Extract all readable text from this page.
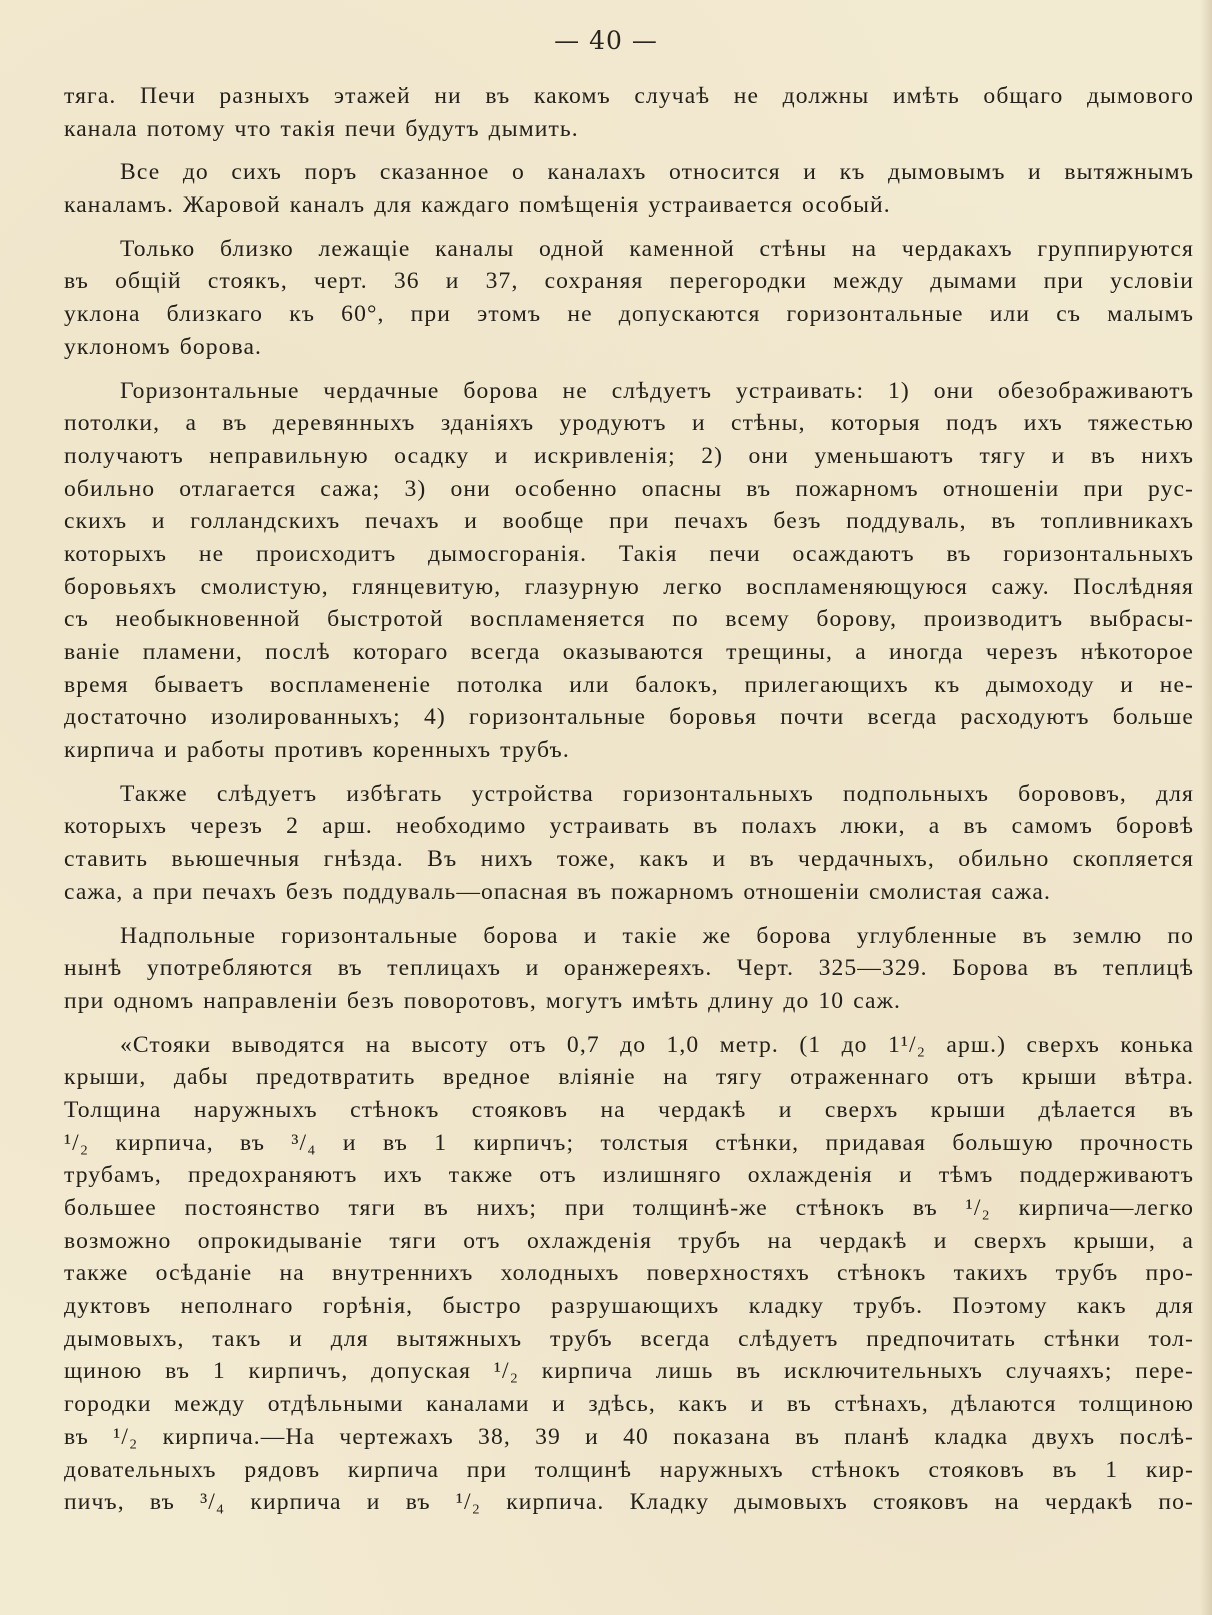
— 40 —
тяга. Печи разныхъ этажей ни въ какомъ случаѣ не должны имѣть общаго дымового
канала потому что такія печи будутъ дымить.
Все до сихъ поръ сказанное о каналахъ относится и къ дымовымъ и вытяжнымъ
каналамъ. Жаровой каналъ для каждаго помѣщенія устраивается особый.
Только близко лежащіе каналы одной каменной стѣны на чердакахъ группируются
въ общій стоякъ, черт. 36 и 37, сохраняя перегородки между дымами при условіи
уклона близкаго къ 60°, при этомъ не допускаются горизонтальные или съ малымъ
уклономъ борова.
Горизонтальные чердачные борова не слѣдуетъ устраивать: 1) они обезображиваютъ
потолки, а въ деревянныхъ зданіяхъ уродуютъ и стѣны, которыя подъ ихъ тяжестью
получаютъ неправильную осадку и искривленія; 2) они уменьшаютъ тягу и въ нихъ
обильно отлагается сажа; 3) они особенно опасны въ пожарномъ отношеніи при рус-
скихъ и голландскихъ печахъ и вообще при печахъ безъ поддуваль, въ топливникахъ
которыхъ не происходитъ дымосгоранія. Такія печи осаждаютъ въ горизонтальныхъ
боровьяхъ смолистую, глянцевитую, глазурную легко воспламеняющуюся сажу. Послѣдняя
съ необыкновенной быстротой воспламеняется по всему борову, производитъ выбрасы-
ваніе пламени, послѣ котораго всегда оказываются трещины, а иногда черезъ нѣкоторое
время бываетъ воспламененіе потолка или балокъ, прилегающихъ къ дымоходу и не-
достаточно изолированныхъ; 4) горизонтальные боровья почти всегда расходуютъ больше
кирпича и работы противъ коренныхъ трубъ.
Также слѣдуетъ избѣгать устройства горизонтальныхъ подпольныхъ борововъ, для
которыхъ черезъ 2 арш. необходимо устраивать въ полахъ люки, а въ самомъ боровѣ
ставить вьюшечныя гнѣзда. Въ нихъ тоже, какъ и въ чердачныхъ, обильно скопляется
сажа, а при печахъ безъ поддуваль—опасная въ пожарномъ отношеніи смолистая сажа.
Надпольные горизонтальные борова и такіе же борова углубленные въ землю по
нынѣ употребляются въ теплицахъ и оранжереяхъ. Черт. 325—329. Борова въ теплицѣ
при одномъ направленіи безъ поворотовъ, могутъ имѣть длину до 10 саж.
«Стояки выводятся на высоту отъ 0,7 до 1,0 метр. (1 до 1¹/₂ арш.) сверхъ конька
крыши, дабы предотвратить вредное вліяніе на тягу отраженнаго отъ крыши вѣтра.
Толщина наружныхъ стѣнокъ стояковъ на чердакѣ и сверхъ крыши дѣлается въ
¹/₂ кирпича, въ ³/₄ и въ 1 кирпичъ; толстыя стѣнки, придавая большую прочность
трубамъ, предохраняютъ ихъ также отъ излишняго охлажденія и тѣмъ поддерживаютъ
большее постоянство тяги въ нихъ; при толщинѣ-же стѣнокъ въ ¹/₂ кирпича—легко
возможно опрокидываніе тяги отъ охлажденія трубъ на чердакѣ и сверхъ крыши, а
также осѣданіе на внутреннихъ холодныхъ поверхностяхъ стѣнокъ такихъ трубъ про-
дуктовъ неполнаго горѣнія, быстро разрушающихъ кладку трубъ. Поэтому какъ для
дымовыхъ, такъ и для вытяжныхъ трубъ всегда слѣдуетъ предпочитать стѣнки тол-
щиною въ 1 кирпичъ, допуская ¹/₂ кирпича лишь въ исключительныхъ случаяхъ; пере-
городки между отдѣльными каналами и здѣсь, какъ и въ стѣнахъ, дѣлаются толщиною
въ ¹/₂ кирпича.—На чертежахъ 38, 39 и 40 показана въ планѣ кладка двухъ послѣ-
довательныхъ рядовъ кирпича при толщинѣ наружныхъ стѣнокъ стояковъ въ 1 кир-
пичъ, въ ³/₄ кирпича и въ ¹/₂ кирпича. Кладку дымовыхъ стояковъ на чердакѣ по-
